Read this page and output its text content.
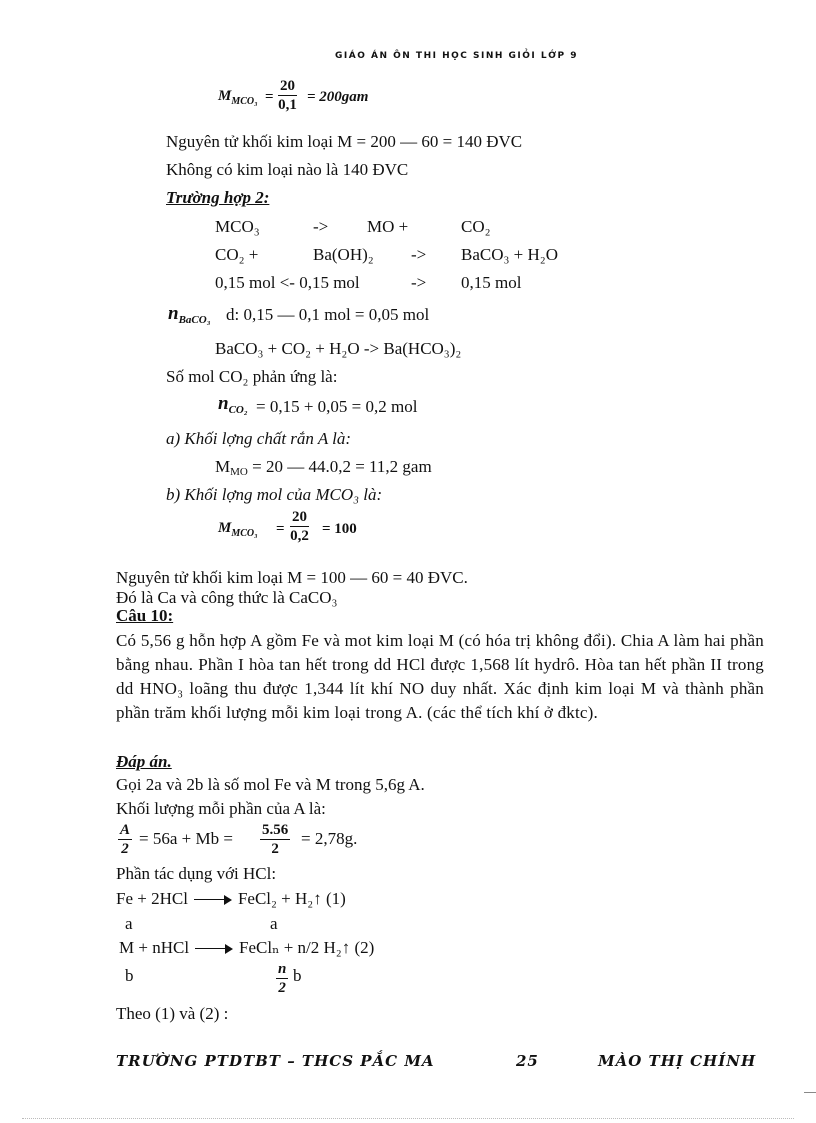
GIÁO ÁN ÔN THI HỌC SINH GIỎI LỚP 9
$M_{MCO_3} = \frac{20}{0,1} = 200gam$
Nguyên tử khối kim loại M = 200 — 60 = 140 ĐVC
Không có kim loại nào là 140 ĐVC
Trường hợp 2:
MCO₃	-> MO +	CO₂
CO₂ +	Ba(OH)₂ -> BaCO₃ + H₂O
0,15 mol <- 0,15 mol	-> 0,15 mol
$n_{BaCO_3}$ d: 0,15 — 0,1 mol = 0,05 mol
BaCO₃ + CO₂ + H₂O -> Ba(HCO₃)₂
Số mol CO₂ phản ứng là:
$n_{CO_2} = 0,15 + 0,05 = 0,2$ mol
a) Khối lợng chất rắn A là:
$M_{MO} = 20$ — 44.0,2 = 11,2 gam
b) Khối lợng mol của MCO₃ là:
$M_{MCO_3} = \frac{20}{0,2} = 100$
Nguyên tử khối kim loại M = 100 — 60 = 40 ĐVC.
Đó là Ca và công thức là CaCO₃
Câu 10:
Có 5,56 g hỗn hợp A gồm Fe và mot kim loại M (có hóa trị không đổi). Chia A làm hai phần bằng nhau. Phần I hòa tan hết trong dd HCl được 1,568 lít hydrô. Hòa tan hết phần II trong dd HNO₃ loãng thu được 1,344 lít khí NO duy nhất. Xác định kim loại M và thành phần phần trăm khối lượng mỗi kim loại trong A. (các thể tích khí ở đktc).
Đáp án.
Gọi 2a và 2b là số mol Fe và M trong 5,6g A.
Khối lượng mỗi phần của A là:
$\frac{A}{2} = 56a + Mb = \frac{5.56}{2} = 2,78g$.
Phần tác dụng với HCl:
Fe + 2HCl	FeCl₂ + H₂↑ (1)
a	a
M + nHCl	FeClₙ + n/2 H₂↑ (2)
b	$\frac{n}{2}$ b
Theo (1) và (2) :
TRƯỜNG PTDTBT – THCS PẮC MA	25	MÀO THỊ CHÍNH
